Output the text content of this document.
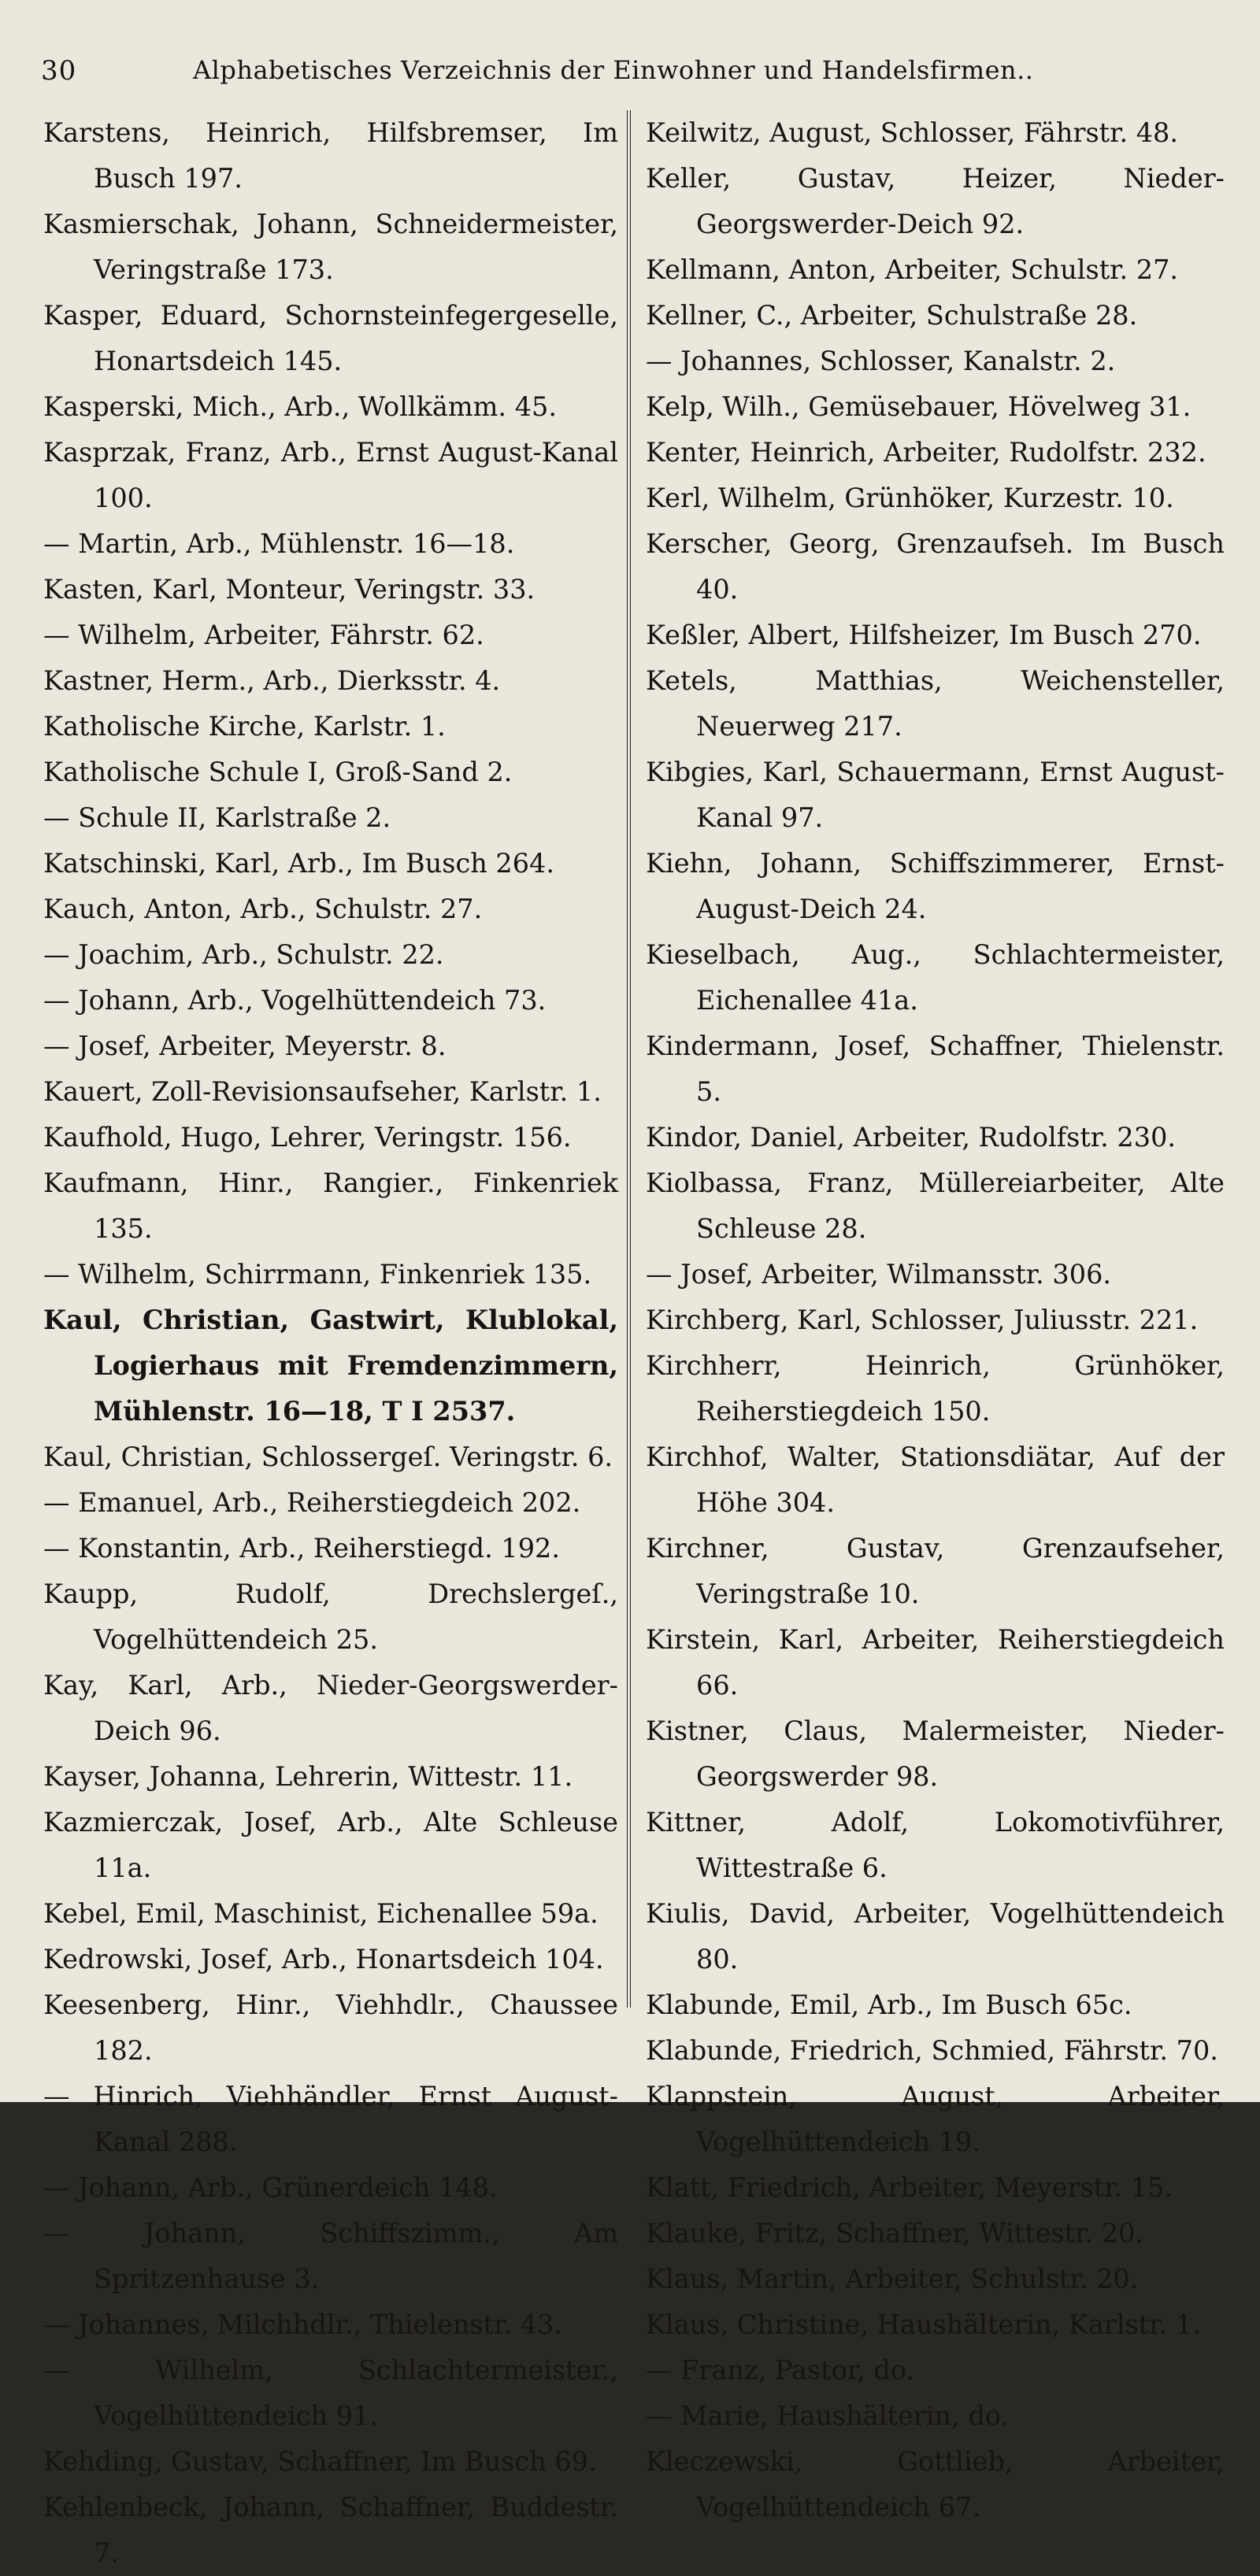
30	Alphabetisches Verzeichnis der Einwohner und Handelsfirmen..

Karstens, Heinrich, Hilfsbremser, Im Busch 197.

Kasmierschak, Johann, Schneidermeister, Veringstraße 173.

Kasper, Eduard, Schornsteinfegergeselle, Honartsdeich 145.

Kasperski, Mich., Arb., Wollkämm. 45.

Kasprzak, Franz, Arb., Ernst August-Kanal 100.

— Martin, Arb., Mühlenstr. 16—18.

Kasten, Karl, Monteur, Veringstr. 33.

— Wilhelm, Arbeiter, Fährstr. 62.

Kastner, Herm., Arb., Dierksstr. 4.

Katholische Kirche, Karlstr. 1.

Katholische Schule I, Groß-Sand 2.

— Schule II, Karlstraße 2.

Katschinski, Karl, Arb., Im Busch 264.

Kauch, Anton, Arb., Schulstr. 27.

— Joachim, Arb., Schulstr. 22.

— Johann, Arb., Vogelhüttendeich 73.

— Josef, Arbeiter, Meyerstr. 8.

Kauert, Zoll-Revisionsaufseher, Karlstr. 1.

Kaufhold, Hugo, Lehrer, Veringstr. 156.

Kaufmann, Hinr., Rangier., Finkenriek 135.

— Wilhelm, Schirrmann, Finkenriek 135.

Kaul, Christian, Gastwirt, Klublokal, Logierhaus mit Fremdenzimmern, Mühlenstr. 16—18, T I 2537.

Kaul, Christian, Schlossergeſ. Veringstr. 6.

— Emanuel, Arb., Reiherstiegdeich 202.

— Konstantin, Arb., Reiherstiegd. 192.

Kaupp, Rudolf, Drechslergeſ., Vogelhüttendeich 25.

Kay, Karl, Arb., Nieder-Georgswerder-Deich 96.

Kayser, Johanna, Lehrerin, Wittestr. 11.

Kazmierczak, Josef, Arb., Alte Schleuse 11a.

Kebel, Emil, Maschinist, Eichenallee 59a.

Kedrowski, Josef, Arb., Honartsdeich 104.

Keesenberg, Hinr., Viehhdlr., Chaussee 182.

— Hinrich, Viehhändler, Ernst August-Kanal 288.

— Johann, Arb., Grünerdeich 148.

— Johann, Schiffszimm., Am Spritzenhause 3.

— Johannes, Milchhdlr., Thielenstr. 43.

— Wilhelm, Schlachtermeister., Vogelhüttendeich 91.

Kehding, Gustav, Schaffner, Im Busch 69.

Kehlenbeck, Johann, Schaffner, Buddestr. 7.

Keilwitz, August, Schlosser, Fährstr. 48.

Keller, Gustav, Heizer, Nieder-Georgswerder-Deich 92.

Kellmann, Anton, Arbeiter, Schulstr. 27.

Kellner, C., Arbeiter, Schulstraße 28.

— Johannes, Schlosser, Kanalstr. 2.

Kelp, Wilh., Gemüsebauer, Hövelweg 31.

Kenter, Heinrich, Arbeiter, Rudolfstr. 232.

Kerl, Wilhelm, Grünhöker, Kurzestr. 10.

Kerscher, Georg, Grenzaufseh. Im Busch 40.

Keßler, Albert, Hilfsheizer, Im Busch 270.

Ketels, Matthias, Weichensteller, Neuerweg 217.

Kibgies, Karl, Schauermann, Ernst August-Kanal 97.

Kiehn, Johann, Schiffszimmerer, Ernst-August-Deich 24.

Kieselbach, Aug., Schlachtermeister, Eichenallee 41a.

Kindermann, Josef, Schaffner, Thielenstr. 5.

Kindor, Daniel, Arbeiter, Rudolfstr. 230.

Kiolbassa, Franz, Müllereiarbeiter, Alte Schleuse 28.

— Josef, Arbeiter, Wilmansstr. 306.

Kirchberg, Karl, Schlosser, Juliusstr. 221.

Kirchherr, Heinrich, Grünhöker, Reiherstiegdeich 150.

Kirchhof, Walter, Stationsdiätar, Auf der Höhe 304.

Kirchner, Gustav, Grenzaufseher, Veringstraße 10.

Kirstein, Karl, Arbeiter, Reiherstiegdeich 66.

Kistner, Claus, Malermeister, Nieder-Georgswerder 98.

Kittner, Adolf, Lokomotivführer, Wittestraße 6.

Kiulis, David, Arbeiter, Vogelhüttendeich 80.

Klabunde, Emil, Arb., Im Busch 65c.

Klabunde, Friedrich, Schmied, Fährstr. 70.

Klappstein, August, Arbeiter, Vogelhüttendeich 19.

Klatt, Friedrich, Arbeiter, Meyerstr. 15.

Klauke, Fritz, Schaffner, Wittestr. 20.

Klaus, Martin, Arbeiter, Schulstr. 20.

Klaus, Christine, Haushälterin, Karlstr. 1.

— Franz, Pastor, do.

— Marie, Haushälterin, do.

Kleczewski, Gottlieb, Arbeiter, Vogelhüttendeich 67.
